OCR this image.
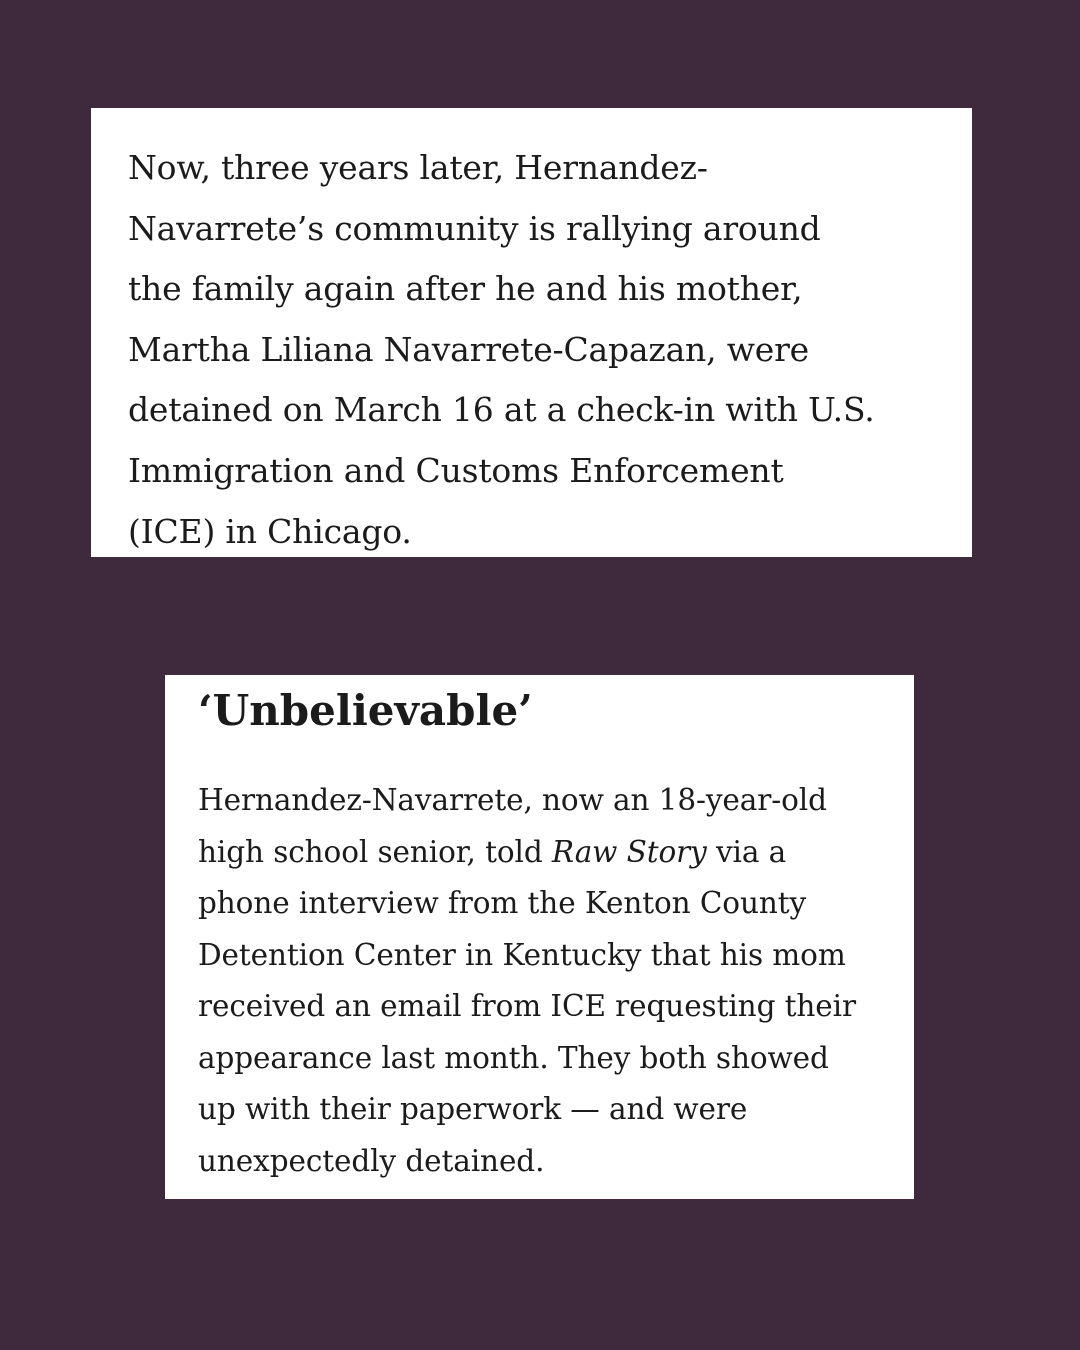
Now, three years later, Hernandez-
Navarrete’s community is rallying around
the family again after he and his mother,
Martha Liliana Navarrete-Capazan, were
detained on March 16 at a check-in with U.S.
Immigration and Customs Enforcement
(ICE) in Chicago.

‘Unbelievable’

Hernandez-Navarrete, now an 18-year-old
high school senior, told Raw Story via a
phone interview from the Kenton County
Detention Center in Kentucky that his mom
received an email from ICE requesting their
appearance last month. They both showed
up with their paperwork — and were
unexpectedly detained.
